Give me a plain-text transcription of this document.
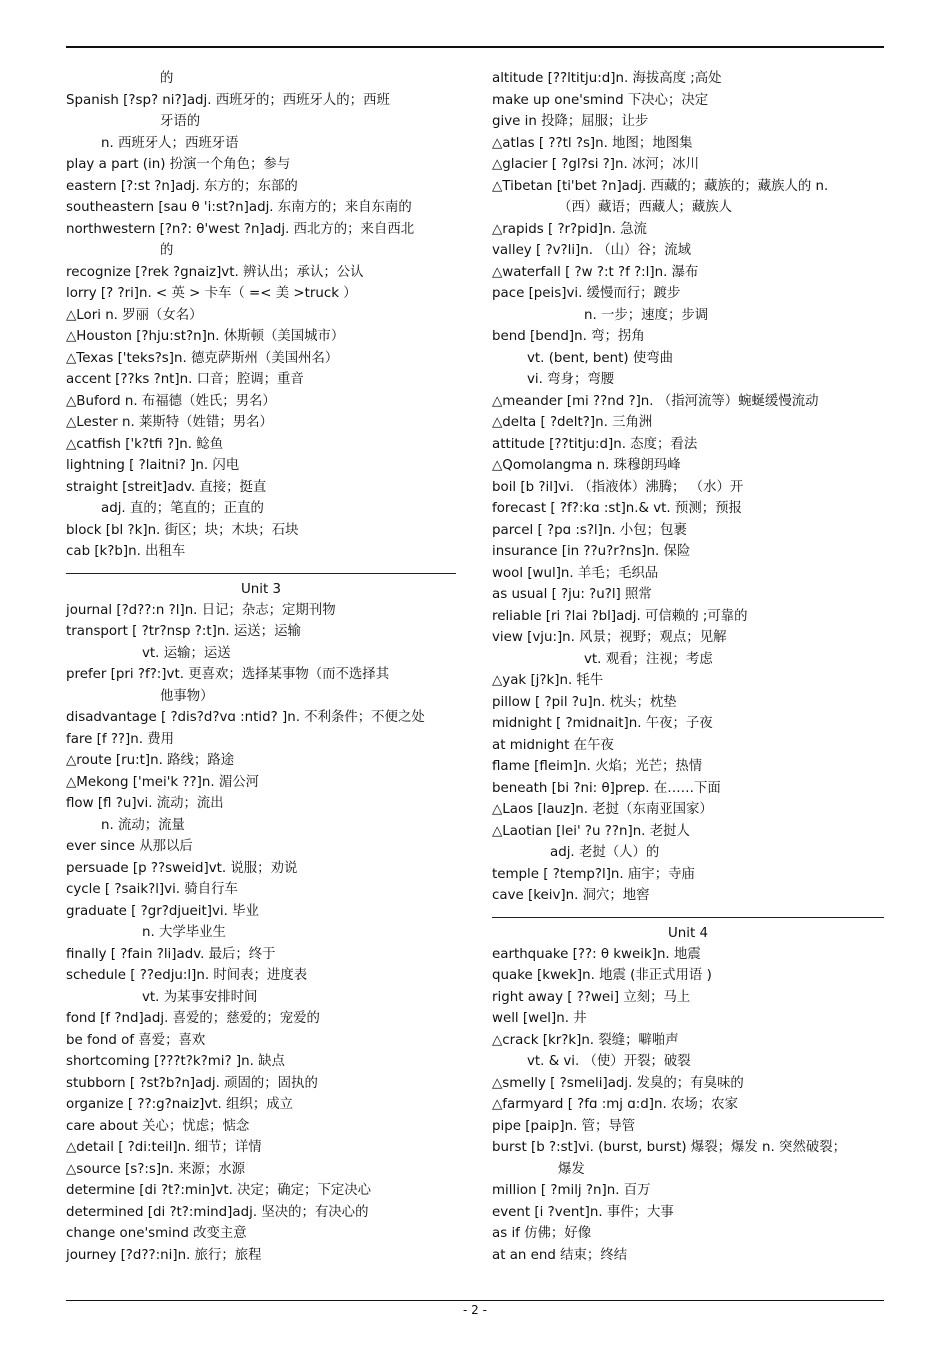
的
Spanish [?sp? ni?]adj. 西班牙的；西班牙人的；西班
牙语的
n. 西班牙人；西班牙语
play a part (in) 扮演一个角色；参与
eastern [?:st ?n]adj. 东方的；东部的
southeastern [sau θ 'i:st?n]adj. 东南方的；来自东南的
northwestern [?n?: θ'west ?n]adj. 西北方的；来自西北
的
recognize [?rek ?gnaiz]vt. 辨认出；承认；公认
lorry [? ?ri]n. < 英 > 卡车（ =< 美 >truck ）
△Lori n. 罗丽（女名）
△Houston [?hju:st?n]n. 休斯顿（美国城市）
△Texas ['teks?s]n. 德克萨斯州（美国州名）
accent [??ks ?nt]n. 口音；腔调；重音
△Buford n. 布福德（姓氏；男名）
△Lester n. 莱斯特（姓错；男名）
△catfish ['k?tfi ?]n. 鲶鱼
lightning [ ?laitni? ]n. 闪电
straight [streit]adv. 直接；挺直
adj. 直的；笔直的；正直的
block [bl ?k]n. 街区；块；木块；石块
cab [k?b]n. 出租车
Unit 3
journal [?d??:n ?l]n. 日记；杂志；定期刊物
transport [ ?tr?nsp ?:t]n. 运送；运输
vt. 运输；运送
prefer [pri ?f?:]vt. 更喜欢；选择某事物（而不选择其
他事物）
disadvantage [ ?dis?d?vɑ :ntid? ]n. 不利条件；不便之处
fare [f ??]n. 费用
△route [ru:t]n. 路线；路途
△Mekong ['mei'k ??]n. 湄公河
flow [fl ?u]vi. 流动；流出
n. 流动；流量
ever since 从那以后
persuade [p ??sweid]vt. 说服；劝说
cycle [ ?saik?l]vi. 骑自行车
graduate [ ?gr?djueit]vi. 毕业
n. 大学毕业生
finally [ ?fain ?li]adv. 最后；终于
schedule [ ??edju:l]n. 时间表；进度表
vt. 为某事安排时间
fond [f ?nd]adj. 喜爱的；慈爱的；宠爱的
be fond of 喜爱；喜欢
shortcoming [???t?k?mi? ]n. 缺点
stubborn [ ?st?b?n]adj. 顽固的；固执的
organize [ ??:g?naiz]vt. 组织；成立
care about 关心；忧虑；惦念
△detail [ ?di:teil]n. 细节；详情
△source [s?:s]n. 来源；水源
determine [di ?t?:min]vt. 决定；确定；下定决心
determined [di ?t?:mind]adj. 坚决的；有决心的
change one'smind 改变主意
journey [?d??:ni]n. 旅行；旅程
altitude [??ltitju:d]n. 海拔高度 ;高处
make up one'smind 下决心；决定
give in 投降；屈服；让步
△atlas [ ??tl ?s]n. 地图；地图集
△glacier [ ?gl?si ?]n. 冰河；冰川
△Tibetan [ti'bet ?n]adj. 西藏的；藏族的；藏族人的 n.
（西）藏语；西藏人；藏族人
△rapids [ ?r?pid]n. 急流
valley [ ?v?li]n. （山）谷；流域
△waterfall [ ?w ?:t ?f ?:l]n. 瀑布
pace [peis]vi. 缓慢而行；踱步
n. 一步；速度；步调
bend [bend]n. 弯；拐角
vt. (bent, bent) 使弯曲
vi. 弯身；弯腰
△meander [mi ??nd ?]n. （指河流等）蜿蜒缓慢流动
△delta [ ?delt?]n. 三角洲
attitude [??titju:d]n. 态度；看法
△Qomolangma n. 珠穆朗玛峰
boil [b ?il]vi. （指液体）沸腾； （水）开
forecast [ ?f?:kɑ :st]n.& vt. 预测；预报
parcel [ ?pɑ :s?l]n. 小包；包裹
insurance [in ??u?r?ns]n. 保险
wool [wul]n. 羊毛；毛织品
as usual [ ?ju: ?u?l] 照常
reliable [ri ?lai ?bl]adj. 可信赖的 ;可靠的
view [vju:]n. 风景；视野；观点；见解
vt. 观看；注视；考虑
△yak [j?k]n. 牦牛
pillow [ ?pil ?u]n. 枕头；枕垫
midnight [ ?midnait]n. 午夜；子夜
at midnight 在午夜
flame [fleim]n. 火焰；光芒；热情
beneath [bi ?ni: θ]prep. 在……下面
△Laos [lauz]n. 老挝（东南亚国家）
△Laotian [lei' ?u ??n]n. 老挝人
adj. 老挝（人）的
temple [ ?temp?l]n. 庙宇；寺庙
cave [keiv]n. 洞穴；地窖
Unit 4
earthquake [??: θ kweik]n. 地震
quake [kwek]n. 地震 (非正式用语 )
right away [ ??wei] 立刻；马上
well [wel]n. 井
△crack [kr?k]n. 裂缝；噼啪声
vt. & vi. （使）开裂；破裂
△smelly [ ?smeli]adj. 发臭的；有臭味的
△farmyard [ ?fɑ :mj ɑ:d]n. 农场；农家
pipe [paip]n. 管；导管
burst [b ?:st]vi. (burst, burst) 爆裂；爆发 n. 突然破裂；
爆发
million [ ?milj ?n]n. 百万
event [i ?vent]n. 事件；大事
as if 仿佛；好像
at an end 结束；终结
- 2 -
